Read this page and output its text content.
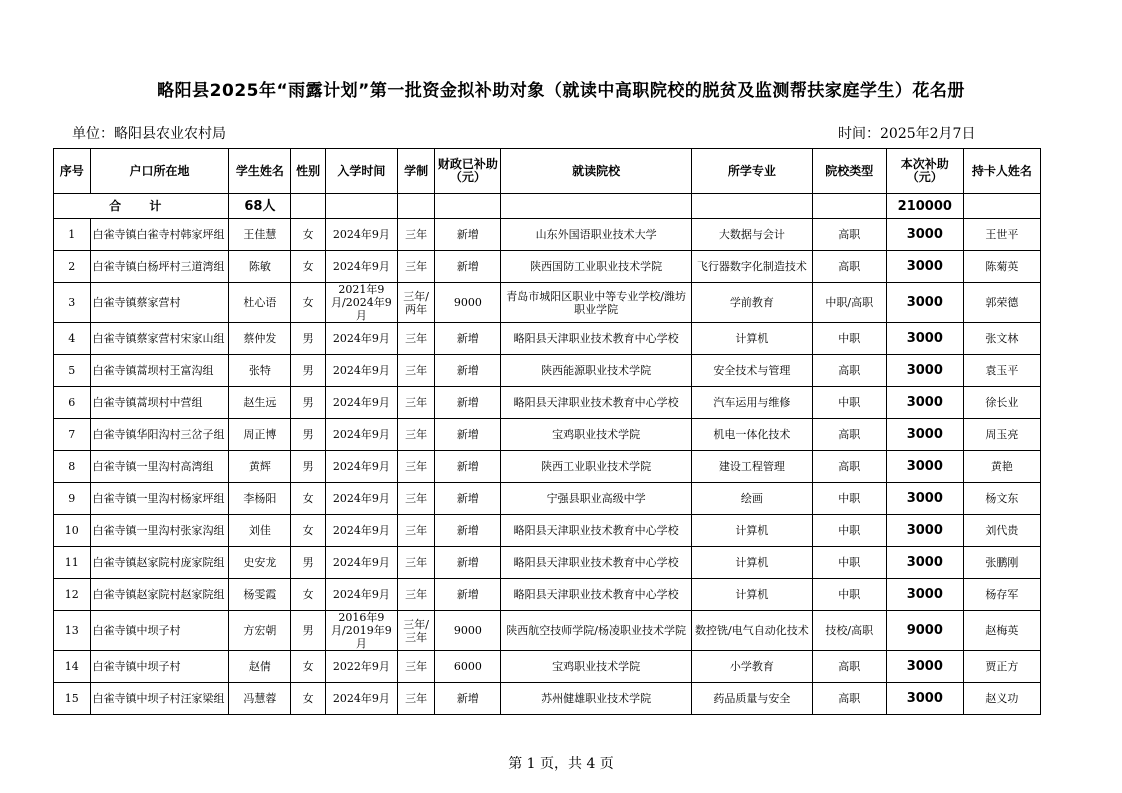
略阳县2025年“雨露计划”第一批资金拟补助对象（就读中高职院校的脱贫及监测帮扶家庭学生）花名册
单位：略阳县农业农村局	时间：2025年2月7日
序号	户口所在地	学生姓名	性别	入学时间	学制	财政已补助（元）	就读院校	所学专业	院校类型	本次补助（元）	持卡人姓名
合 计		68人								210000	
1	白雀寺镇白雀寺村韩家坪组	王佳慧	女	2024年9月	三年	新增	山东外国语职业技术大学	大数据与会计	高职	3000	王世平
2	白雀寺镇白杨坪村三道湾组	陈敏	女	2024年9月	三年	新增	陕西国防工业职业技术学院	飞行器数字化制造技术	高职	3000	陈菊英
3	白雀寺镇蔡家营村	杜心语	女	2021年9月/2024年9月	三年/两年	9000	青岛市城阳区职业中等专业学校/潍坊职业学院	学前教育	中职/高职	3000	郭荣德
4	白雀寺镇蔡家营村宋家山组	蔡仲发	男	2024年9月	三年	新增	略阳县天津职业技术教育中心学校	计算机	中职	3000	张文林
5	白雀寺镇蒿坝村王富沟组	张特	男	2024年9月	三年	新增	陕西能源职业技术学院	安全技术与管理	高职	3000	袁玉平
6	白雀寺镇蒿坝村中营组	赵生远	男	2024年9月	三年	新增	略阳县天津职业技术教育中心学校	汽车运用与维修	中职	3000	徐长业
7	白雀寺镇华阳沟村三岔子组	周正博	男	2024年9月	三年	新增	宝鸡职业技术学院	机电一体化技术	高职	3000	周玉亮
8	白雀寺镇一里沟村高湾组	黄辉	男	2024年9月	三年	新增	陕西工业职业技术学院	建设工程管理	高职	3000	黄艳
9	白雀寺镇一里沟村杨家坪组	李杨阳	女	2024年9月	三年	新增	宁强县职业高级中学	绘画	中职	3000	杨文东
10	白雀寺镇一里沟村张家沟组	刘佳	女	2024年9月	三年	新增	略阳县天津职业技术教育中心学校	计算机	中职	3000	刘代贵
11	白雀寺镇赵家院村庞家院组	史安龙	男	2024年9月	三年	新增	略阳县天津职业技术教育中心学校	计算机	中职	3000	张鹏刚
12	白雀寺镇赵家院村赵家院组	杨雯霞	女	2024年9月	三年	新增	略阳县天津职业技术教育中心学校	计算机	中职	3000	杨存军
13	白雀寺镇中坝子村	方宏朝	男	2016年9月/2019年9月	三年/三年	9000	陕西航空技师学院/杨凌职业技术学院	数控铣/电气自动化技术	技校/高职	9000	赵梅英
14	白雀寺镇中坝子村	赵倩	女	2022年9月	三年	6000	宝鸡职业技术学院	小学教育	高职	3000	贾正方
15	白雀寺镇中坝子村汪家梁组	冯慧蓉	女	2024年9月	三年	新增	苏州健雄职业技术学院	药品质量与安全	高职	3000	赵义功
第 1 页，共 4 页
